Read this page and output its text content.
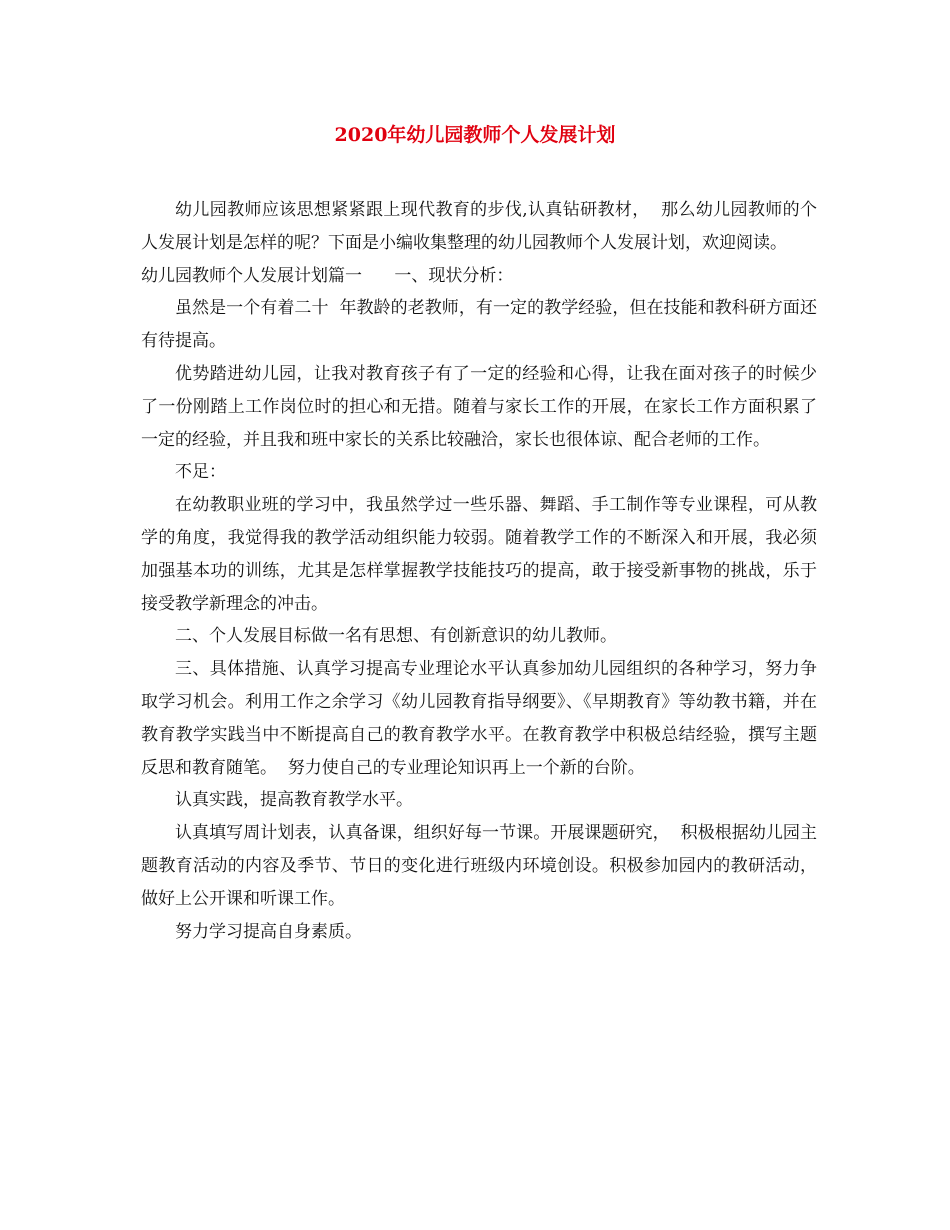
2020年幼儿园教师个人发展计划

幼儿园教师应该思想紧紧跟上现代教育的步伐,认真钻研教材，  那么幼儿园教师的个人发展计划是怎样的呢？下面是小编收集整理的幼儿园教师个人发展计划，欢迎阅读。

幼儿园教师个人发展计划篇一      一、现状分析：

虽然是一个有着二十  年教龄的老教师，有一定的教学经验，但在技能和教科研方面还有待提高。

优势踏进幼儿园，让我对教育孩子有了一定的经验和心得，让我在面对孩子的时候少了一份刚踏上工作岗位时的担心和无措。随着与家长工作的开展，在家长工作方面积累了一定的经验，并且我和班中家长的关系比较融洽，家长也很体谅、配合老师的工作。

不足：

在幼教职业班的学习中，我虽然学过一些乐器、舞蹈、手工制作等专业课程，可从教学的角度，我觉得我的教学活动组织能力较弱。随着教学工作的不断深入和开展，我必须加强基本功的训练，尤其是怎样掌握教学技能技巧的提高，敢于接受新事物的挑战，乐于接受教学新理念的冲击。

二、个人发展目标做一名有思想、有创新意识的幼儿教师。

三、具体措施、认真学习提高专业理论水平认真参加幼儿园组织的各种学习，努力争取学习机会。利用工作之余学习《幼儿园教育指导纲要》、《早期教育》等幼教书籍，并在教育教学实践当中不断提高自己的教育教学水平。在教育教学中积极总结经验，撰写主题反思和教育随笔。  努力使自己的专业理论知识再上一个新的台阶。

认真实践，提高教育教学水平。

认真填写周计划表，认真备课，组织好每一节课。开展课题研究，  积极根据幼儿园主题教育活动的内容及季节、节日的变化进行班级内环境创设。积极参加园内的教研活动，做好上公开课和听课工作。

努力学习提高自身素质。
